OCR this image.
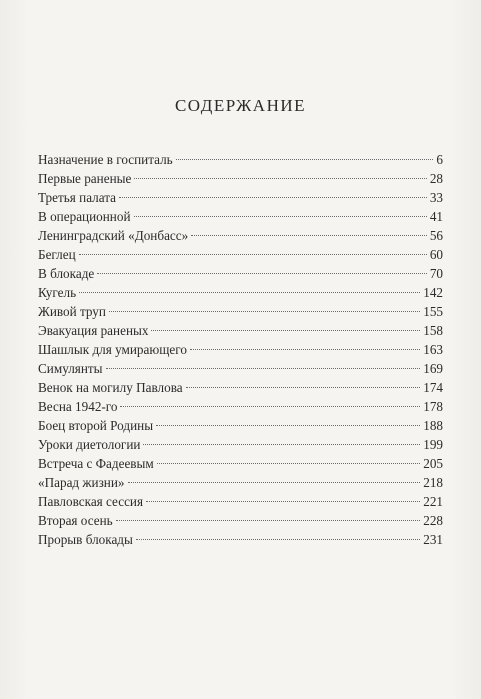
СОДЕРЖАНИЕ
Назначение в госпиталь	6
Первые раненые	28
Третья палата	33
В операционной	41
Ленинградский «Донбасс»	56
Беглец	60
В блокаде	70
Кугель	142
Живой труп	155
Эвакуация раненых	158
Шашлык для умирающего	163
Симулянты	169
Венок на могилу Павлова	174
Весна 1942-го	178
Боец второй Родины	188
Уроки диетологии	199
Встреча с Фадеевым	205
«Парад жизни»	218
Павловская сессия	221
Вторая осень	228
Прорыв блокады	231
